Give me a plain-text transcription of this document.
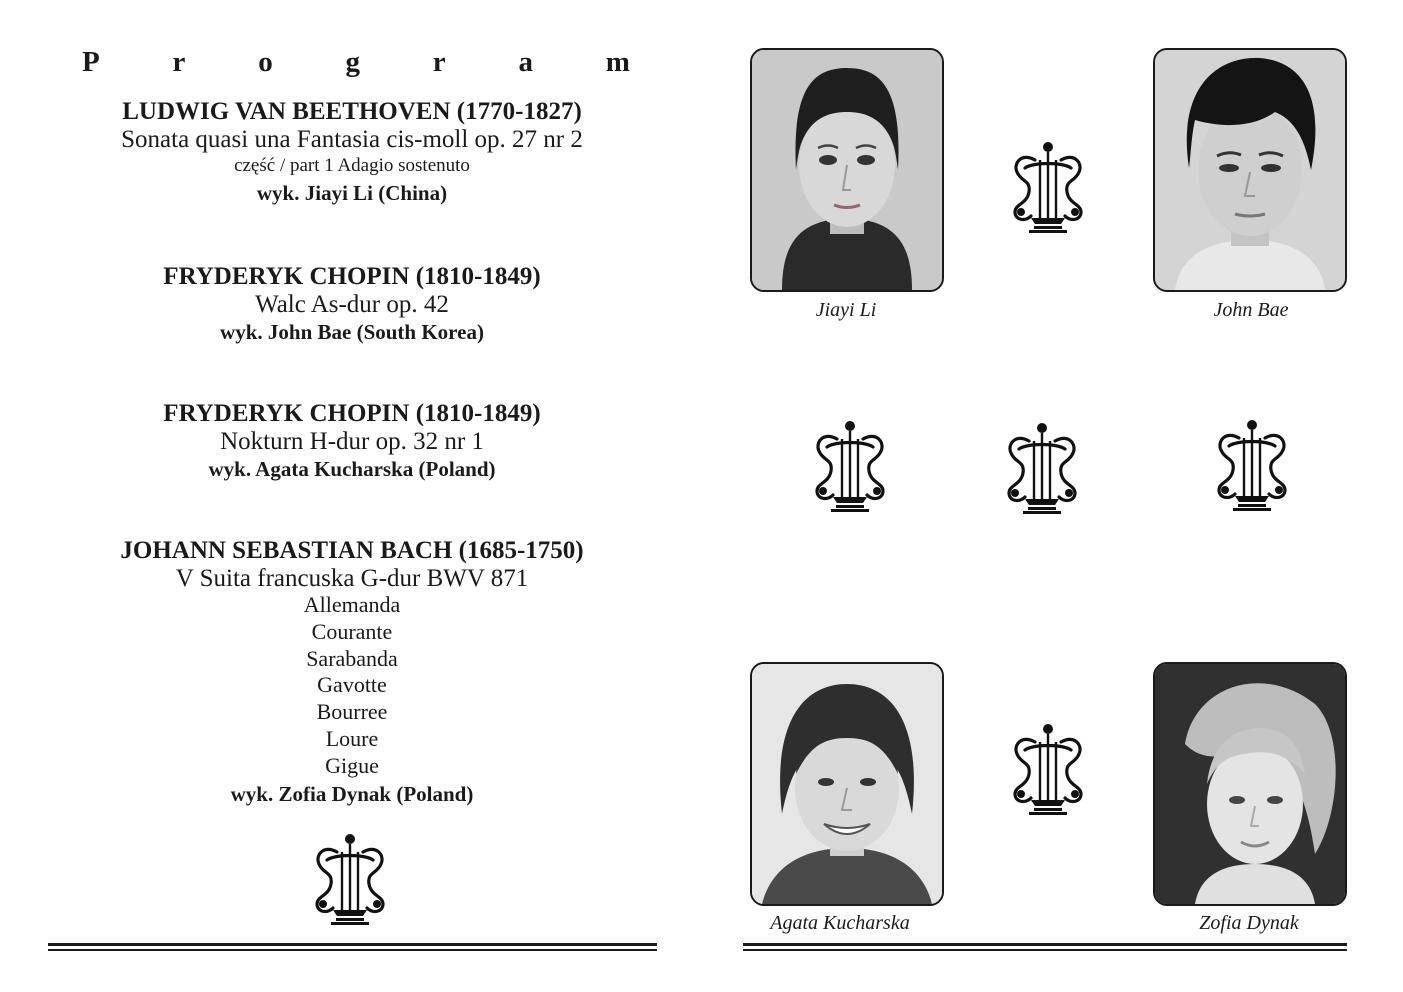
P	r	o	g	r	a	m
LUDWIG VAN BEETHOVEN (1770-1827)
Sonata quasi una Fantasia cis-moll op. 27 nr 2
część / part 1 Adagio sostenuto
wyk. Jiayi Li (China)
FRYDERYK CHOPIN (1810-1849)
Walc As-dur op. 42
wyk. John Bae (South Korea)
FRYDERYK CHOPIN (1810-1849)
Nokturn H-dur op. 32 nr 1
wyk. Agata Kucharska (Poland)
JOHANN SEBASTIAN BACH (1685-1750)
V Suita francuska G-dur BWV 871
Allemanda
Courante
Sarabanda
Gavotte
Bourree
Loure
Gigue
wyk. Zofia Dynak (Poland)
Jiayi Li	John Bae
Agata Kucharska	Zofia Dynak
